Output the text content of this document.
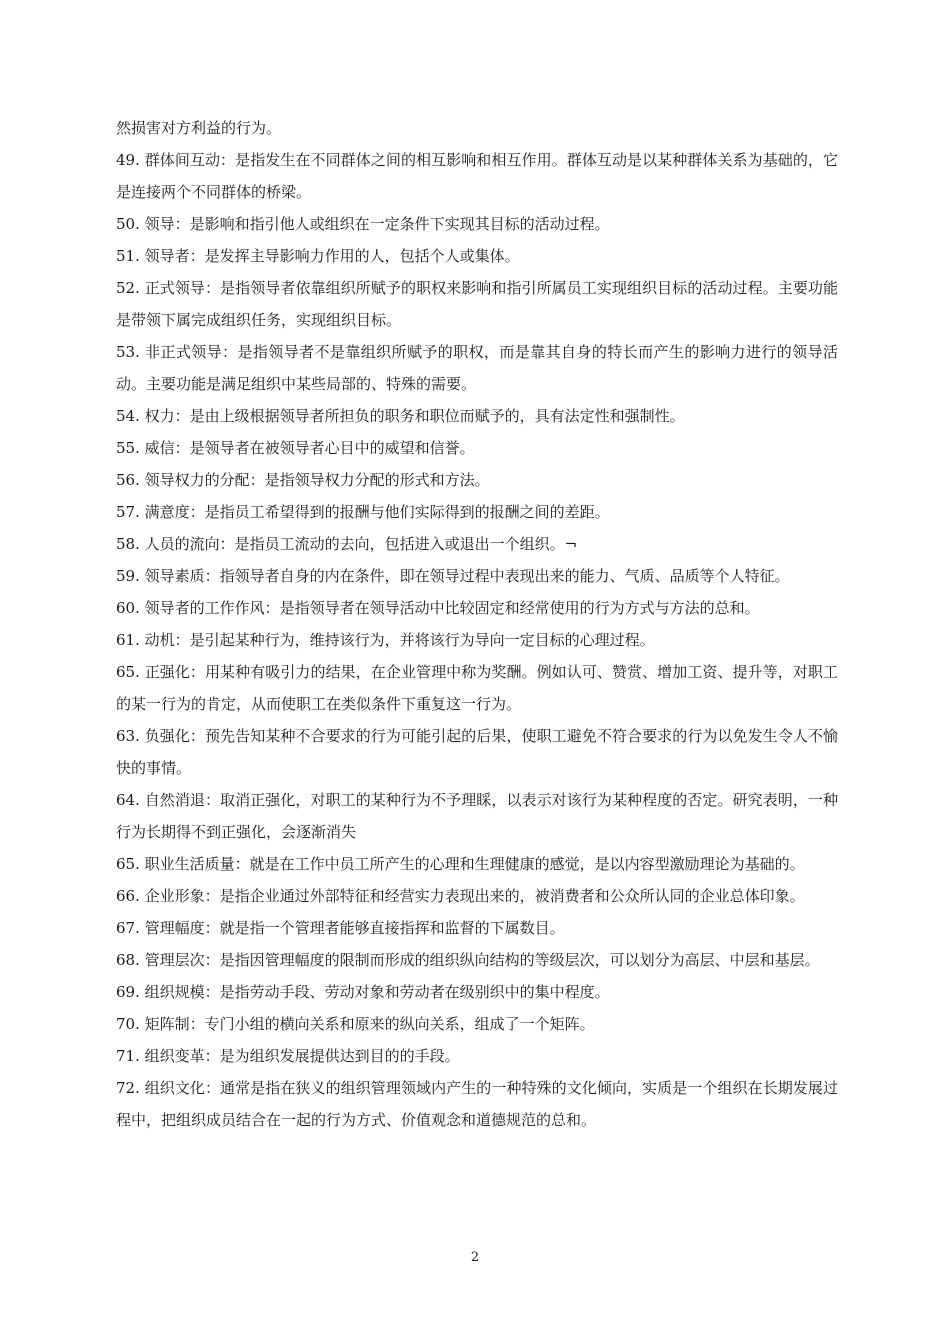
然损害对方利益的行为。

49. 群体间互动：是指发生在不同群体之间的相互影响和相互作用。群体互动是以某种群体关系为基础的，它是连接两个不同群体的桥梁。

50. 领导：是影响和指引他人或组织在一定条件下实现其目标的活动过程。

51. 领导者：是发挥主导影响力作用的人，包括个人或集体。

52. 正式领导：是指领导者依靠组织所赋予的职权来影响和指引所属员工实现组织目标的活动过程。主要功能是带领下属完成组织任务，实现组织目标。

53. 非正式领导：是指领导者不是靠组织所赋予的职权，而是靠其自身的特长而产生的影响力进行的领导活动。主要功能是满足组织中某些局部的、特殊的需要。

54. 权力：是由上级根据领导者所担负的职务和职位而赋予的，具有法定性和强制性。

55. 威信：是领导者在被领导者心目中的威望和信誉。

56. 领导权力的分配：是指领导权力分配的形式和方法。

57. 满意度：是指员工希望得到的报酬与他们实际得到的报酬之间的差距。

58. 人员的流向：是指员工流动的去向，包括进入或退出一个组织。¬

59. 领导素质：指领导者自身的内在条件，即在领导过程中表现出来的能力、气质、品质等个人特征。

60. 领导者的工作作风：是指领导者在领导活动中比较固定和经常使用的行为方式与方法的总和。

61. 动机：是引起某种行为，维持该行为，并将该行为导向一定目标的心理过程。

65. 正强化：用某种有吸引力的结果，在企业管理中称为奖酬。例如认可、赞赏、增加工资、提升等，对职工的某一行为的肯定，从而使职工在类似条件下重复这一行为。

63. 负强化：预先告知某种不合要求的行为可能引起的后果，使职工避免不符合要求的行为以免发生令人不愉快的事情。

64. 自然消退：取消正强化，对职工的某种行为不予理睬，以表示对该行为某种程度的否定。研究表明，一种行为长期得不到正强化，会逐渐消失

65. 职业生活质量：就是在工作中员工所产生的心理和生理健康的感觉，是以内容型激励理论为基础的。

66. 企业形象：是指企业通过外部特征和经营实力表现出来的，被消费者和公众所认同的企业总体印象。

67. 管理幅度：就是指一个管理者能够直接指挥和监督的下属数目。

68. 管理层次：是指因管理幅度的限制而形成的组织纵向结构的等级层次，可以划分为高层、中层和基层。

69. 组织规模：是指劳动手段、劳动对象和劳动者在级别织中的集中程度。

70. 矩阵制：专门小组的横向关系和原来的纵向关系，组成了一个矩阵。

71. 组织变革：是为组织发展提供达到目的的手段。

72. 组织文化：通常是指在狭义的组织管理领域内产生的一种特殊的文化倾向，实质是一个组织在长期发展过程中，把组织成员结合在一起的行为方式、价值观念和道德规范的总和。

2
